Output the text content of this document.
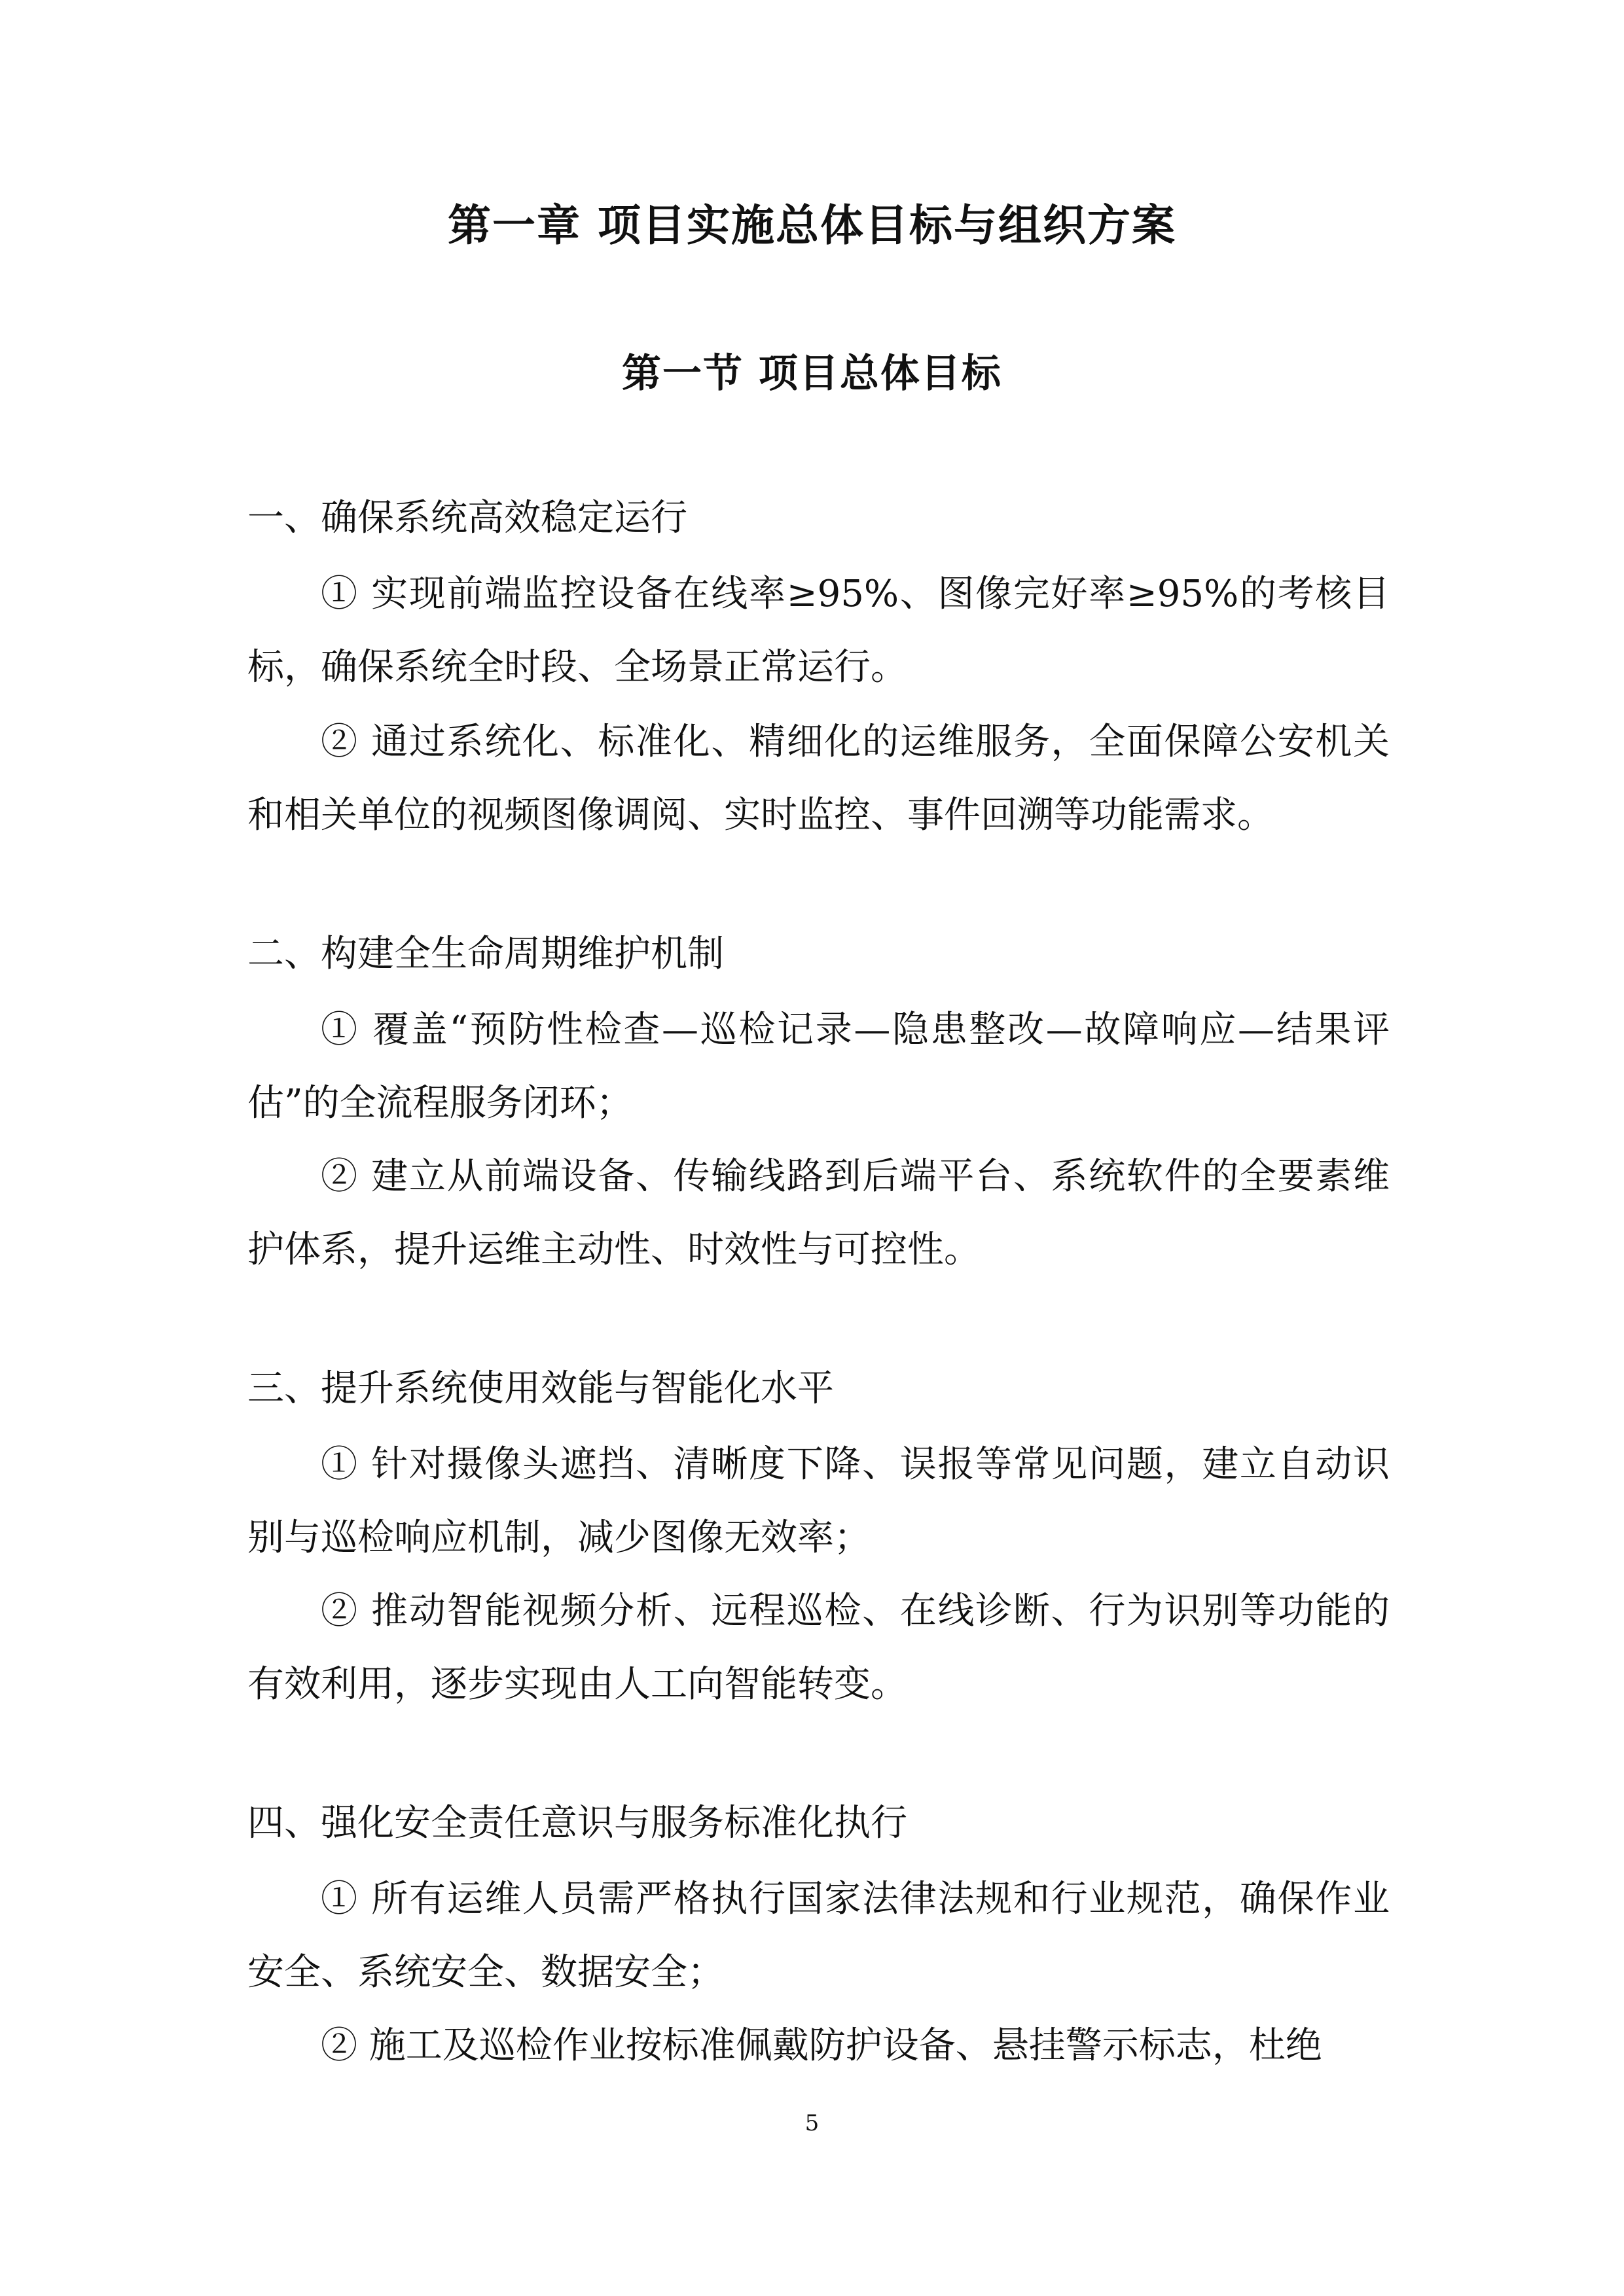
第一章 项目实施总体目标与组织方案
第一节 项目总体目标
一、确保系统高效稳定运行

① 实现前端监控设备在线率≥95%、图像完好率≥95%的考核目标，确保系统全时段、全场景正常运行。

② 通过系统化、标准化、精细化的运维服务，全面保障公安机关和相关单位的视频图像调阅、实时监控、事件回溯等功能需求。

二、构建全生命周期维护机制

① 覆盖“预防性检查—巡检记录—隐患整改—故障响应—结果评估”的全流程服务闭环；

② 建立从前端设备、传输线路到后端平台、系统软件的全要素维护体系，提升运维主动性、时效性与可控性。

三、提升系统使用效能与智能化水平

① 针对摄像头遮挡、清晰度下降、误报等常见问题，建立自动识别与巡检响应机制，减少图像无效率；

② 推动智能视频分析、远程巡检、在线诊断、行为识别等功能的有效利用，逐步实现由人工向智能转变。

四、强化安全责任意识与服务标准化执行

① 所有运维人员需严格执行国家法律法规和行业规范，确保作业安全、系统安全、数据安全；

② 施工及巡检作业按标准佩戴防护设备、悬挂警示标志，杜绝

5
